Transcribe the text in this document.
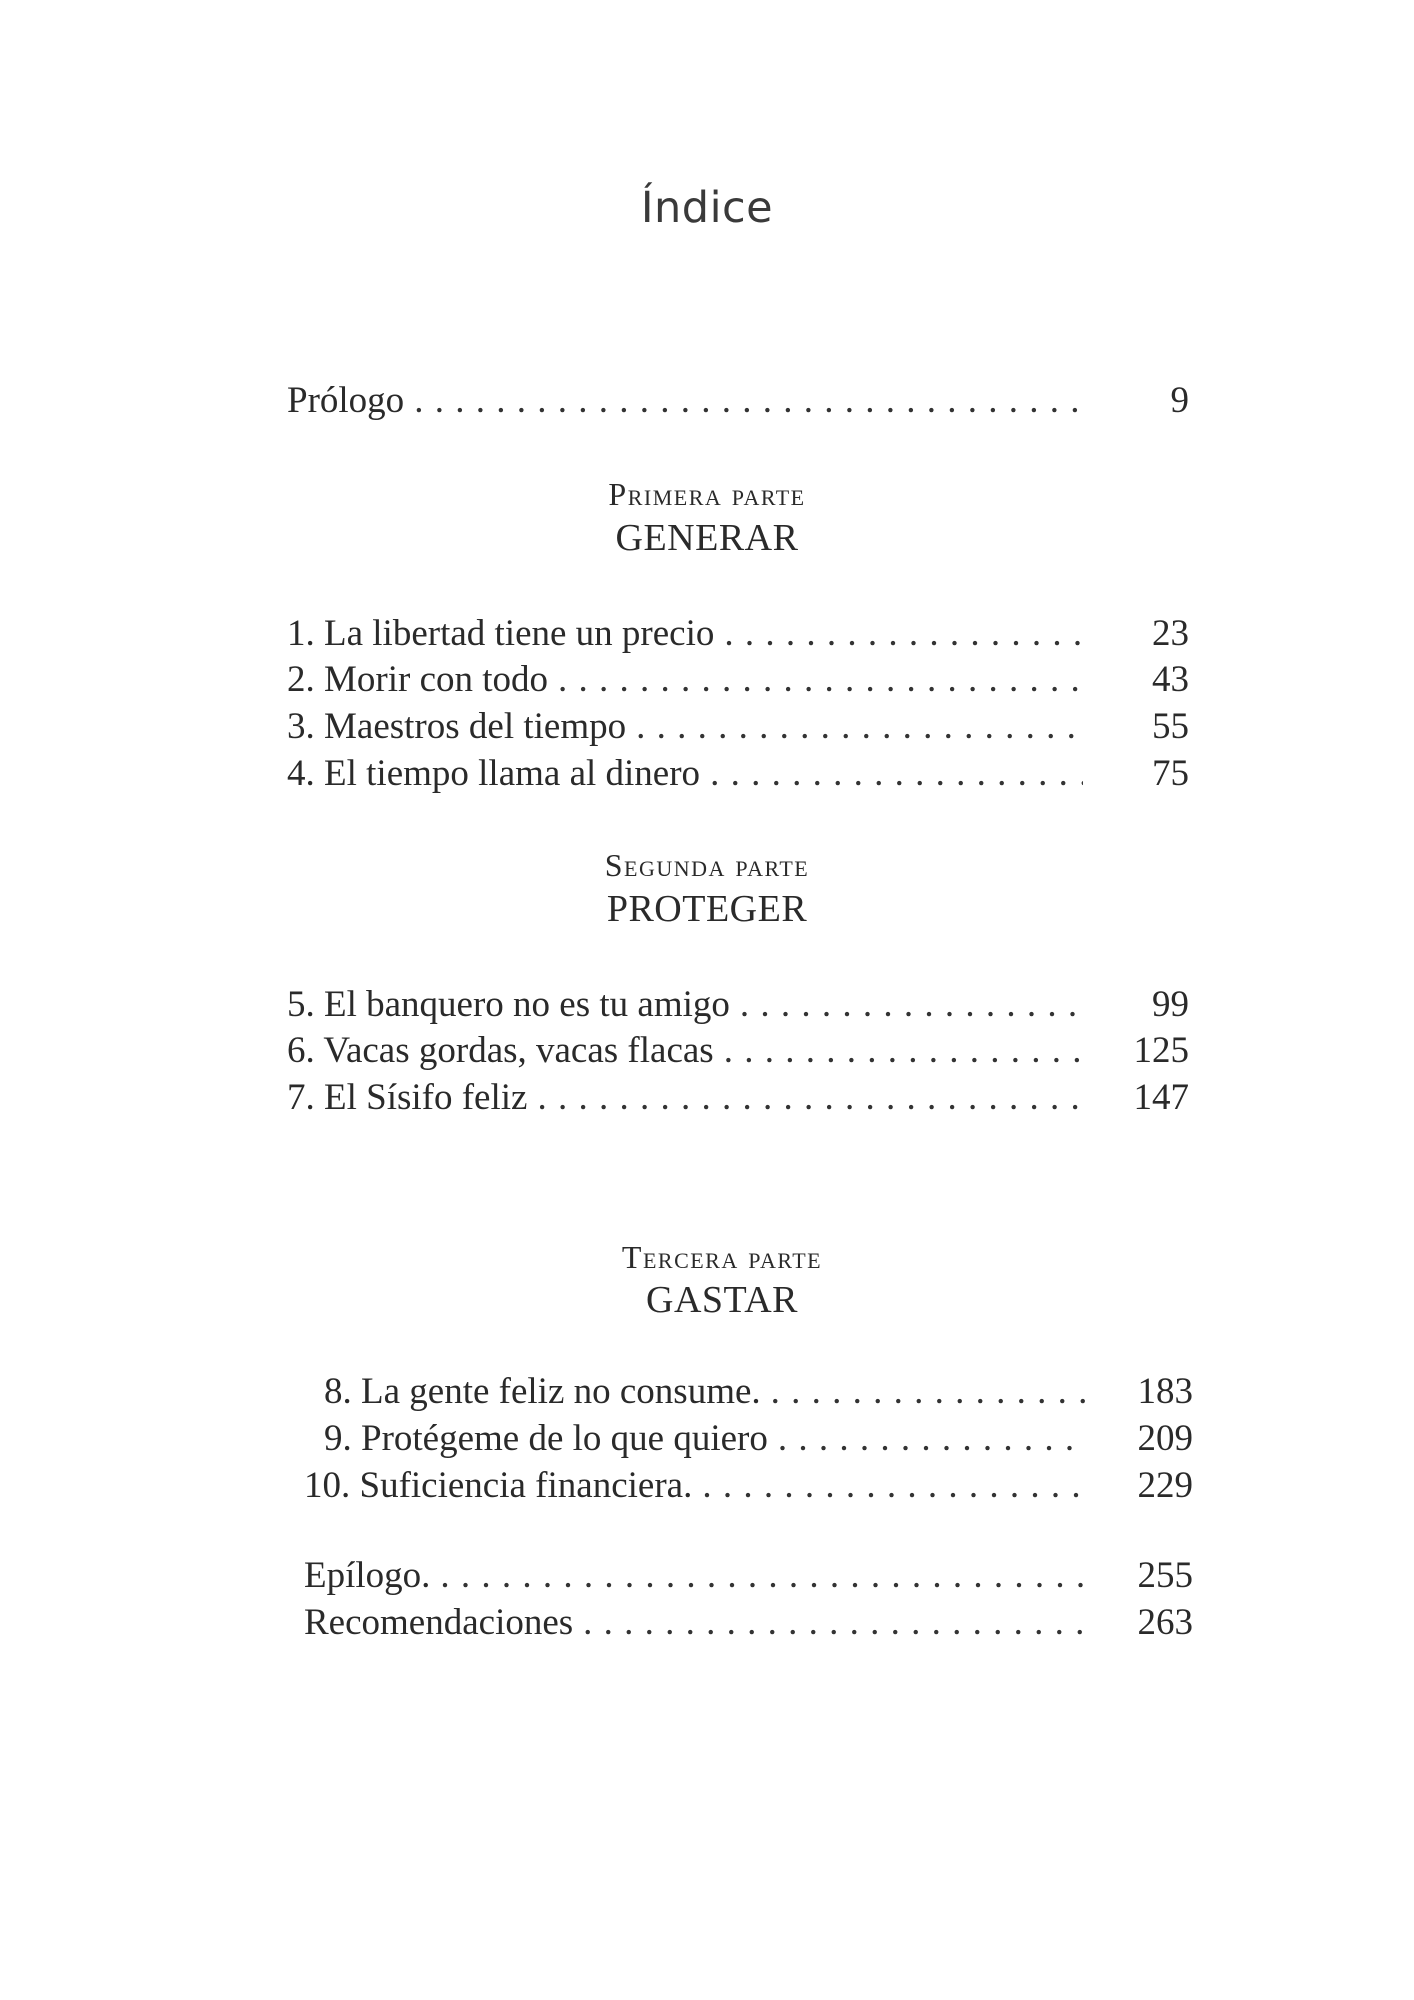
Índice
Prólogo . . .	9
Primera parte
GENERAR
1. La libertad tiene un precio . . .	23
2. Morir con todo . . .	43
3. Maestros del tiempo . . .	55
4. El tiempo llama al dinero . . .	75
Segunda parte
PROTEGER
5. El banquero no es tu amigo . . .	99
6. Vacas gordas, vacas flacas . . .	125
7. El Sísifo feliz . . .	147
Tercera parte
GASTAR
8. La gente feliz no consume. . . .	183
9. Protégeme de lo que quiero . . .	209
10. Suficiencia financiera. . . .	229
Epílogo. . . .	255
Recomendaciones . . .	263
